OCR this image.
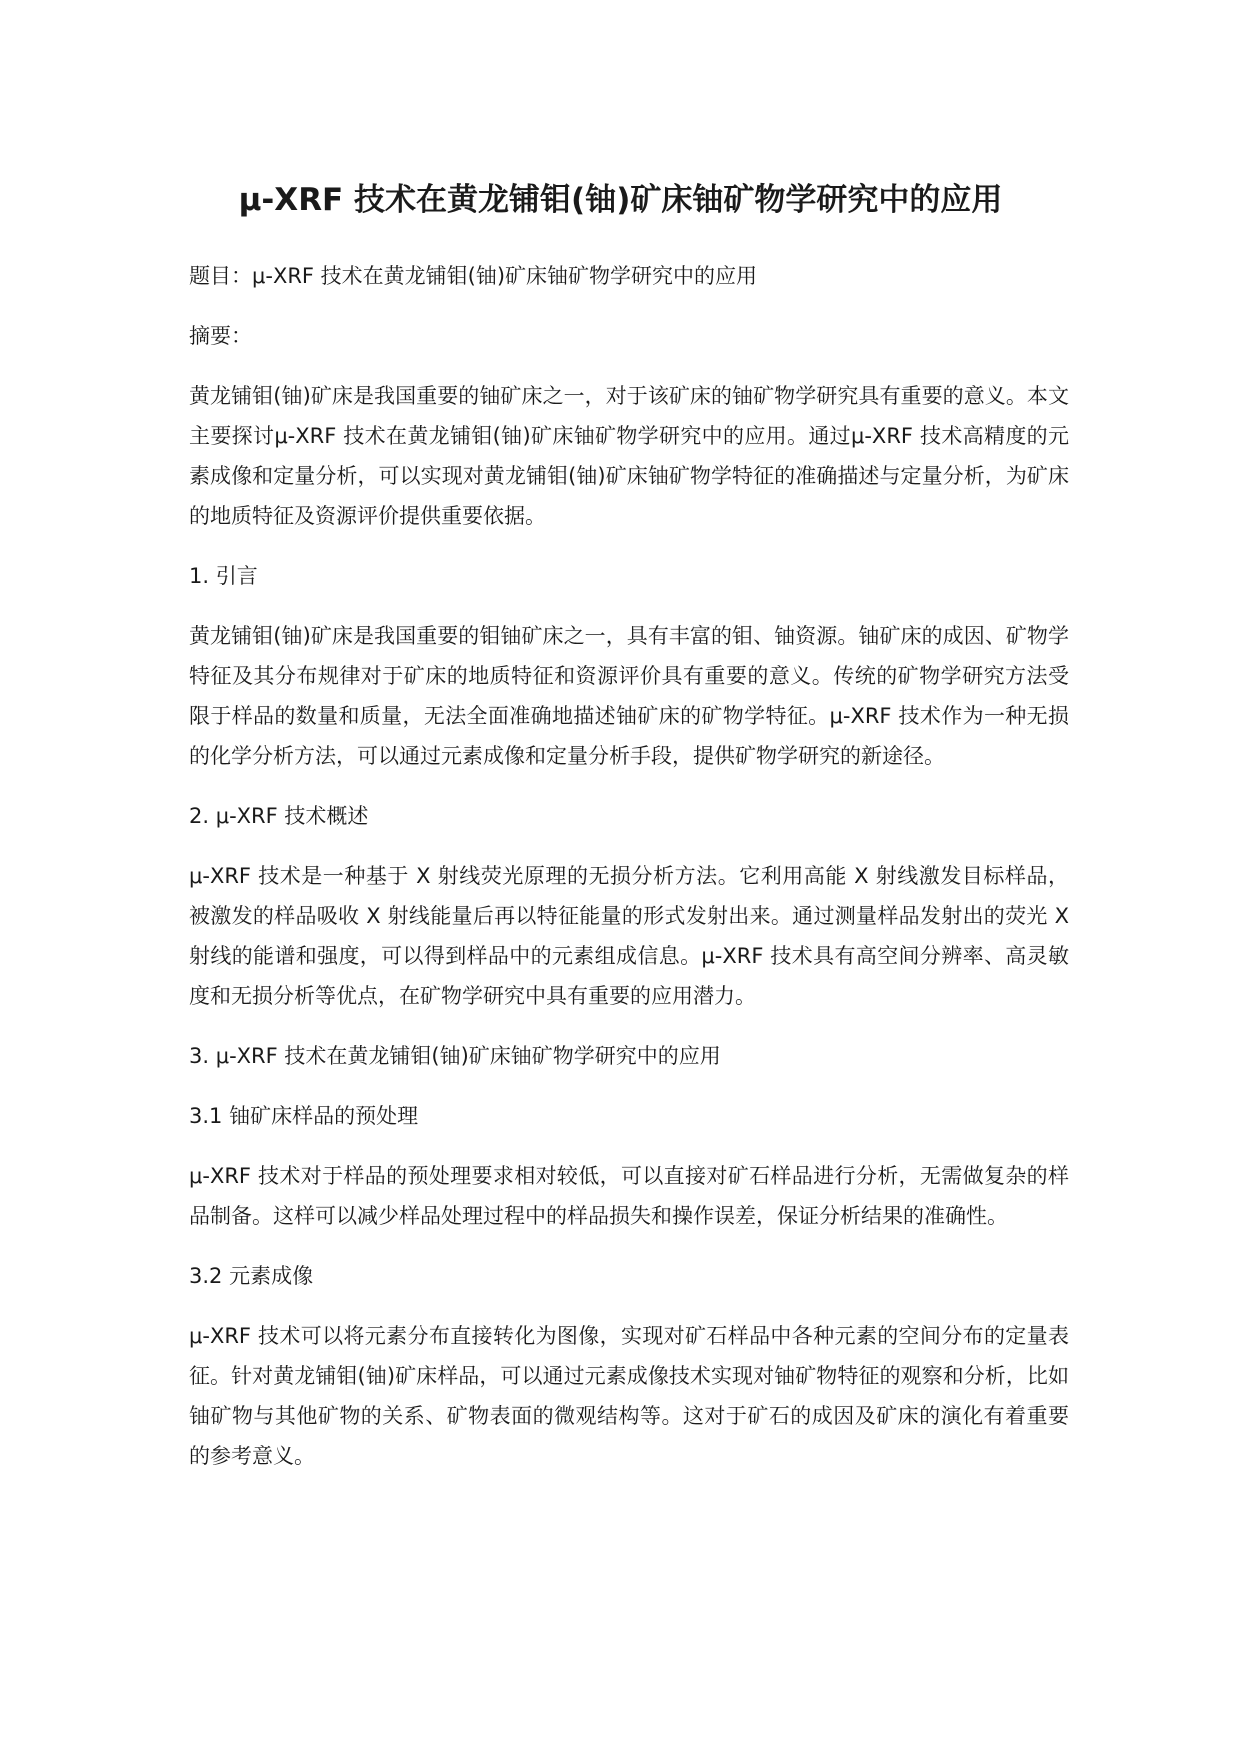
μ-XRF 技术在黄龙铺钼(铀)矿床铀矿物学研究中的应用

题目：μ-XRF 技术在黄龙铺钼(铀)矿床铀矿物学研究中的应用

摘要：

黄龙铺钼(铀)矿床是我国重要的铀矿床之一，对于该矿床的铀矿物学研究具有重要的意义。本文主要探讨μ-XRF 技术在黄龙铺钼(铀)矿床铀矿物学研究中的应用。通过μ-XRF 技术高精度的元素成像和定量分析，可以实现对黄龙铺钼(铀)矿床铀矿物学特征的准确描述与定量分析，为矿床的地质特征及资源评价提供重要依据。

1. 引言

黄龙铺钼(铀)矿床是我国重要的钼铀矿床之一，具有丰富的钼、铀资源。铀矿床的成因、矿物学特征及其分布规律对于矿床的地质特征和资源评价具有重要的意义。传统的矿物学研究方法受限于样品的数量和质量，无法全面准确地描述铀矿床的矿物学特征。μ-XRF 技术作为一种无损的化学分析方法，可以通过元素成像和定量分析手段，提供矿物学研究的新途径。

2. μ-XRF 技术概述

μ-XRF 技术是一种基于 X 射线荧光原理的无损分析方法。它利用高能 X 射线激发目标样品，被激发的样品吸收 X 射线能量后再以特征能量的形式发射出来。通过测量样品发射出的荧光 X 射线的能谱和强度，可以得到样品中的元素组成信息。μ-XRF 技术具有高空间分辨率、高灵敏度和无损分析等优点，在矿物学研究中具有重要的应用潜力。

3. μ-XRF 技术在黄龙铺钼(铀)矿床铀矿物学研究中的应用

3.1 铀矿床样品的预处理

μ-XRF 技术对于样品的预处理要求相对较低，可以直接对矿石样品进行分析，无需做复杂的样品制备。这样可以减少样品处理过程中的样品损失和操作误差，保证分析结果的准确性。

3.2 元素成像

μ-XRF 技术可以将元素分布直接转化为图像，实现对矿石样品中各种元素的空间分布的定量表征。针对黄龙铺钼(铀)矿床样品，可以通过元素成像技术实现对铀矿物特征的观察和分析，比如铀矿物与其他矿物的关系、矿物表面的微观结构等。这对于矿石的成因及矿床的演化有着重要的参考意义。
